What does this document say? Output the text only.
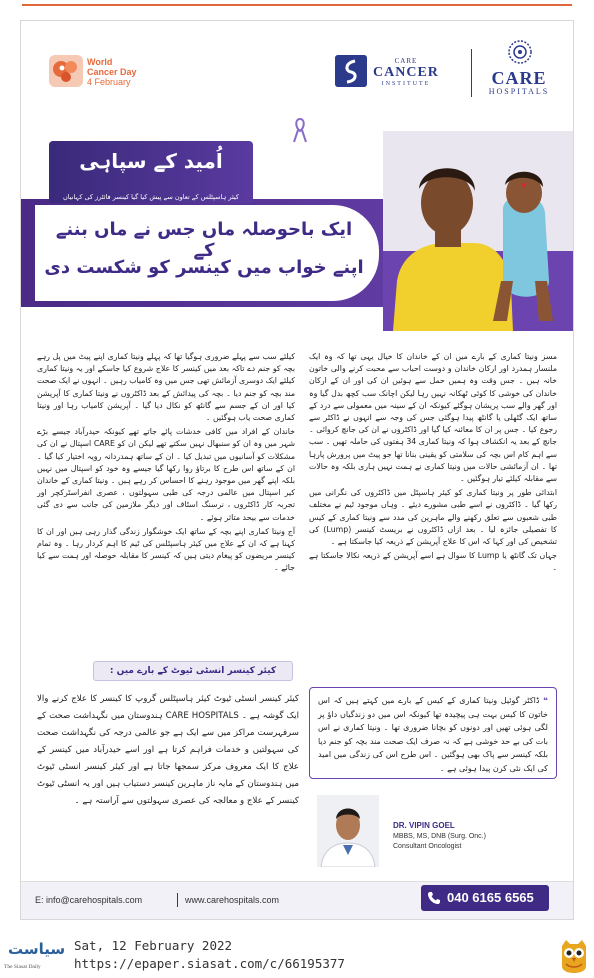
World
Cancer Day
4 February
CARE
CANCER
INSTITUTE	CARE
HOSPITALS
اُمید کے سپاہی
کیئر ہاسپٹلس کے تعاون سے پیش کیا گیا کینسر فائٹرز کی کہانیاں
ایک باحوصلہ ماں جس نے ماں بننے کے
اپنے خواب میں کینسر کو شکست دی

مسز ونیتا کماری کے بارے میں ان کے خاندان کا خیال یہی تھا کہ وہ ایک ملنسار ہمدرد اور ارکان خاندان و دوست احباب سے محبت کرنے والی خاتون خانہ ہیں ۔ جس وقت وہ ہمیں حمل سے ہوئیں ان کی اور ان کے ارکان خاندان کی خوشی کا کوئی ٹھکانہ نہیں رہا لیکن اچانک سب کچھ بدل گیا وہ اور گھر والے سب پریشان ہوگئے کیونکہ ان کے سینہ میں معمولی سے درد کے ساتھ ایک گٹھلی یا گانٹھ پیدا ہوگئی جس کی وجہ سے انہوں نے ڈاکٹر سے رجوع کیا ۔ جس پر ان کا معائنہ کیا گیا اور ڈاکٹروں نے ان کی جانچ کروائی ۔ جانچ کے بعد یہ انکشاف ہوا کہ ونیتا کماری 34 ہفتوں کی حاملہ تھیں ۔ سب سے اہم کام اس بچہ کی سلامتی کو یقینی بنانا تھا جو پیٹ میں پرورش پارہا تھا ۔ ان آزمائشی حالات میں ونیتا کماری نے ہمت نہیں ہاری بلکہ وہ حالات سے مقابلہ کیلئے تیار ہوگئیں ۔

ابتدائی طور پر ونیتا کماری کو کیئر ہاسپٹل میں ڈاکٹروں کی نگرانی میں رکھا گیا ۔ ڈاکٹروں نے اسے طبی مشورے دیئے ۔ وہاں موجود ٹیم نے مختلف طبی شعبوں سے تعلق رکھنے والے ماہرین کی مدد سے ونیتا کماری کے کیس کا تفصیلی جائزہ لیا ۔ بعد ازاں ڈاکٹروں نے بریسٹ کینسر (Lump) کی تشخیص کی اور کہا کہ اس کا علاج آپریشن کے ذریعہ کیا جاسکتا ہے ۔

جہاں تک گانٹھ یا Lump کا سوال ہے اسے آپریشن کے ذریعہ نکالا جاسکتا ہے ۔

کیلئے سب سے پہلے ضروری ہوگیا تھا کہ پہلے ونیتا کماری اپنے پیٹ میں پل رہے بچہ کو جنم دے تاکہ بعد میں کینسر کا علاج شروع کیا جاسکے اور یہ ونیتا کماری کیلئے ایک دوسری آزمائش تھی جس میں وہ کامیاب رہیں ۔ انہوں نے ایک صحت مند بچہ کو جنم دیا ۔ بچہ کی پیدائش کے بعد ڈاکٹروں نے ونیتا کماری کا آپریشن کیا اور ان کے جسم سے گانٹھ کو نکال دیا گیا ۔ آپریشن کامیاب رہا اور ونیتا کماری صحت یاب ہوگئیں ۔

خاندان کے افراد میں کافی خدشات پائے جاتے تھے کیونکہ حیدرآباد جیسے بڑے شہر میں وہ ان کو سنبھال نہیں سکتے تھے لیکن ان کو CARE اسپتال نے ان کی مشکلات کو آسانیوں میں تبدیل کیا ۔ ان کے ساتھ ہمدردانہ رویہ اختیار کیا گیا ۔ ان کے ساتھ اس طرح کا برتاؤ روا رکھا گیا جیسے وہ خود کو اسپتال میں نہیں بلکہ اپنے گھر میں موجود رہنے کا احساس کر رہے ہیں ۔ ونیتا کماری کے خاندان کیر اسپتال میں عالمی درجہ کی طبی سہولتوں ، عصری انفراسٹرکچر اور تجربہ کار ڈاکٹروں ، نرسنگ اسٹاف اور دیگر ملازمین کی جانب سے دی گئی خدمات سے بیحد متاثر ہوئے ۔

آج ونیتا کماری اپنے بچہ کے ساتھ ایک خوشگوار زندگی گذار رہی ہیں اور ان کا کہنا ہے کہ ان کے علاج میں کیئر ہاسپٹلس کی ٹیم کا اہم کردار رہا ۔ وہ تمام کینسر مریضوں کو پیغام دیتی ہیں کہ کینسر کا مقابلہ حوصلہ اور ہمت سے کیا جائے ۔

کیئر کینسر انسٹی ٹیوٹ کے بارے میں :
کیئر کینسر انسٹی ٹیوٹ کیئر ہاسپٹلس گروپ کا کینسر کا علاج کرنے والا ایک گوشہ ہے ۔ CARE HOSPITALS ہندوستان میں نگہداشت صحت کے سرفہرست مراکز میں سے ایک ہے جو عالمی درجہ کی نگہداشت صحت کی سہولتیں و خدمات فراہم کرتا ہے اور اسے حیدرآباد میں کینسر کے علاج کا ایک معروف مرکز سمجھا جاتا ہے اور کیئر کینسر انسٹی ٹیوٹ میں ہندوستان کے مایہ ناز ماہرین کینسر دستیاب ہیں اور یہ انسٹی ٹیوٹ کینسر کے علاج و معالجہ کی عصری سہولتوں سے آراستہ ہے ۔
❝ ڈاکٹر گوئیل ونیتا کماری کے کیس کے بارے میں کہتے ہیں کہ اس خاتون کا کیس بہت ہی پیچیدہ تھا کیونکہ اس میں دو زندگیاں داؤ پر لگی ہوئی تھیں اور دونوں کو بچانا ضروری تھا ۔ ونیتا کماری نے اس بات کی بے حد خوشی ہے کہ نہ صرف ایک صحت مند بچہ کو جنم دیا بلکہ کینسر سے پاک بھی ہوگئیں ۔ اس طرح اس کی زندگی میں امید کی ایک نئی کرن پیدا ہوئی ہے ۔
DR. VIPIN GOEL
MBBS, MS, DNB (Surg. Onc.)
Consultant Oncologist
E: info@carehospitals.com	www.carehospitals.com	040 6165 6565
سیاست
The Siasat Daily
Sat, 12 February 2022
https://epaper.siasat.com/c/66195377
